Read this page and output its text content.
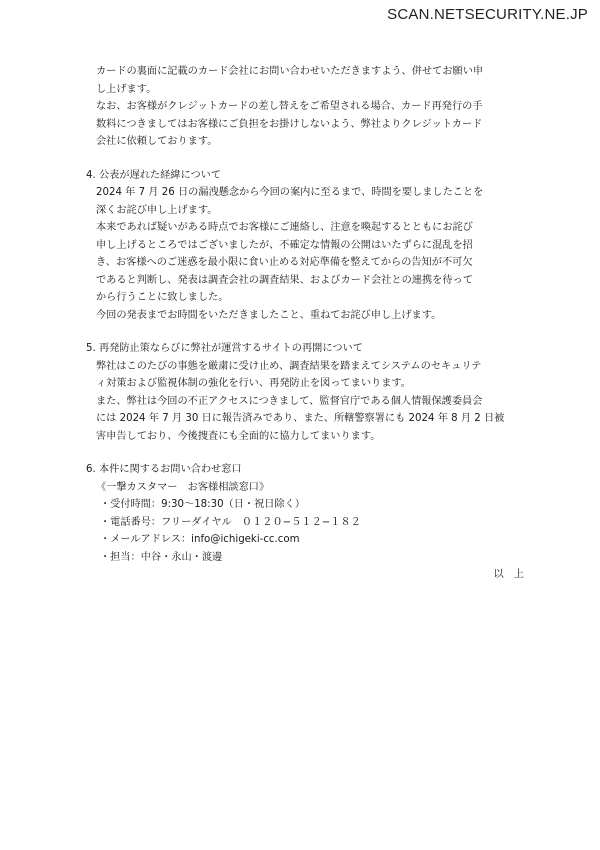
SCAN.NETSECURITY.NE.JP

カードの裏面に記載のカード会社にお問い合わせいただきますよう、併せてお願い申

し上げます。

なお、お客様がクレジットカードの差し替えをご希望される場合、カード再発行の手

数料につきましてはお客様にご負担をお掛けしないよう、弊社よりクレジットカード

会社に依頼しております。

4. 公表が遅れた経緯について

2024 年 7 月 26 日の漏洩懸念から今回の案内に至るまで、時間を要しましたことを

深くお詫び申し上げます。

本来であれば疑いがある時点でお客様にご連絡し、注意を喚起するとともにお詫び

申し上げるところではございましたが、不確定な情報の公開はいたずらに混乱を招

き、お客様へのご迷惑を最小限に食い止める対応準備を整えてからの告知が不可欠

であると判断し、発表は調査会社の調査結果、およびカード会社との連携を待って

から行うことに致しました。

今回の発表までお時間をいただきましたこと、重ねてお詫び申し上げます。

5. 再発防止策ならびに弊社が運営するサイトの再開について

弊社はこのたびの事態を厳粛に受け止め、調査結果を踏まえてシステムのセキュリテ

ィ対策および監視体制の強化を行い、再発防止を図ってまいります。

また、弊社は今回の不正アクセスにつきまして、監督官庁である個人情報保護委員会

には 2024 年 7 月 30 日に報告済みであり、また、所轄警察署にも 2024 年 8 月 2 日被

害申告しており、今後捜査にも全面的に協力してまいります。

6. 本件に関するお問い合わせ窓口

《一撃カスタマー　お客様相談窓口》

・受付時間：9:30〜18:30（日・祝日除く）

・電話番号：フリーダイヤル　０１２０−５１２−１８２

・メールアドレス：info@ichigeki-cc.com

・担当：中谷・永山・渡邊

以　上
